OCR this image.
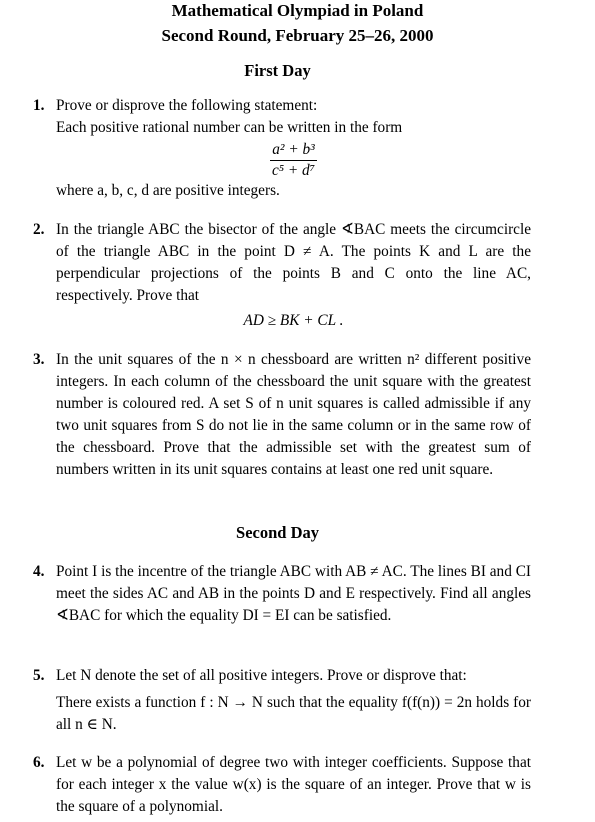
Mathematical Olympiad in Poland
Second Round, February 25–26, 2000
First Day
1. Prove or disprove the following statement:

Each positive rational number can be written in the form

$\frac{\text{a² + b³}}{\text{c⁵ + d⁷}}$

where a, b, c, d are positive integers.

2. In the triangle ABC the bisector of the angle ∢BAC meets the circumcircle of the triangle ABC in the point D ≠ A. The points K and L are the perpendicular projections of the points B and C onto the line AC, respectively. Prove that

AD ≥ BK + CL .

3. In the unit squares of the n × n chessboard are written n² different positive integers. In each column of the chessboard the unit square with the greatest number is coloured red. A set S of n unit squares is called admissible if any two unit squares from S do not lie in the same column or in the same row of the chessboard. Prove that the admissible set with the greatest sum of numbers written in its unit squares contains at least one red unit square.

Second Day
4. Point I is the incentre of the triangle ABC with AB ≠ AC. The lines BI and CI meet the sides AC and AB in the points D and E respectively. Find all angles ∢BAC for which the equality DI = EI can be satisfied.

5. Let N denote the set of all positive integers. Prove or disprove that:

There exists a function f : N → N such that the equality f(f(n)) = 2n holds for all n ∈ N.

6. Let w be a polynomial of degree two with integer coefficients. Suppose that for each integer x the value w(x) is the square of an integer. Prove that w is the square of a polynomial.
